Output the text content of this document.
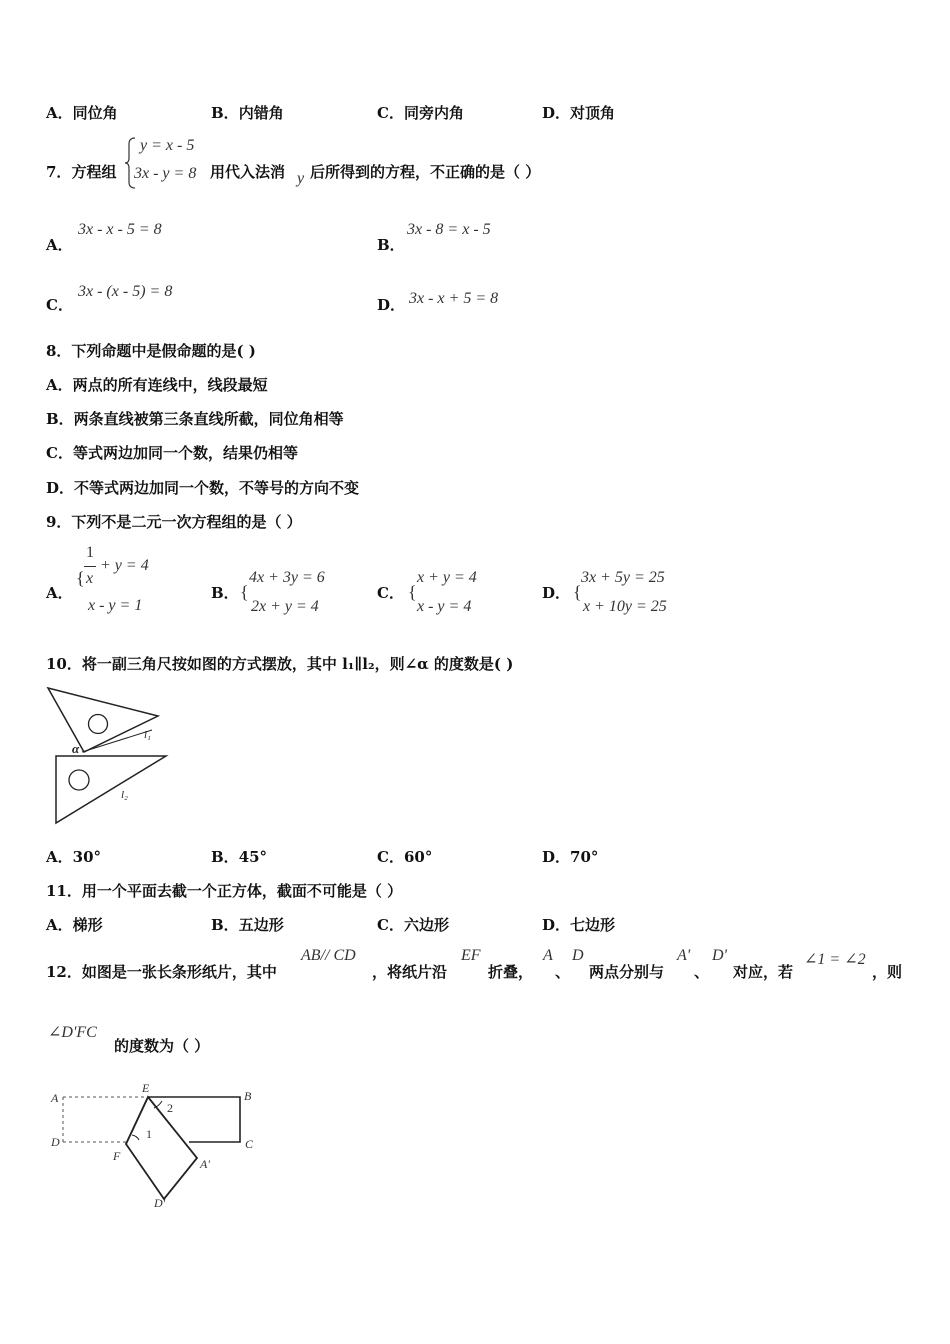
A．同位角	B．内错角	C．同旁内角	D．对顶角
7．方程组
y = x - 5
3x - y = 8 用代入法消 y 后所得到的方程，不正确的是（ ）
A．
3x - x - 5 = 8
B．
3x - 8 = x - 5
C．
3x - (x - 5) = 8
D． 3x - x + 5 = 8
8．下列命题中是假命题的是( )
A．两点的所有连线中，线段最短
B．两条直线被第三条直线所截，同位角相等
C．等式两边加同一个数，结果仍相等
D．不等式两边加同一个数，不等号的方向不变
9．下列不是二元一次方程组的是（ ）
A．
1
{ x
+ y = 4
x - y = 1
B． {
4x + 3y = 6
2x + y = 4
C． {
x + y = 4
x - y = 4
D． {
3x + 5y = 25
x + 10y = 25
10．将一副三角尺按如图的方式摆放，其中 l₁∥l₂，则∠α 的度数是( )
α
l₁
l₂
A．30°	B．45°	C．60°	D．70°
11．用一个平面去截一个正方体，截面不可能是（ ）
A．梯形	B．五边形	C．六边形	D．七边形
12．如图是一张长条形纸片，其中
AB// CD
，将纸片沿
EF
折叠，
A
、
D
两点分别与
A'
、
D'
对应，若
∠1 = ∠2
，则
∠D'FC
的度数为（ ）
A
D
E
B
C
F
A'
D'
1
2
